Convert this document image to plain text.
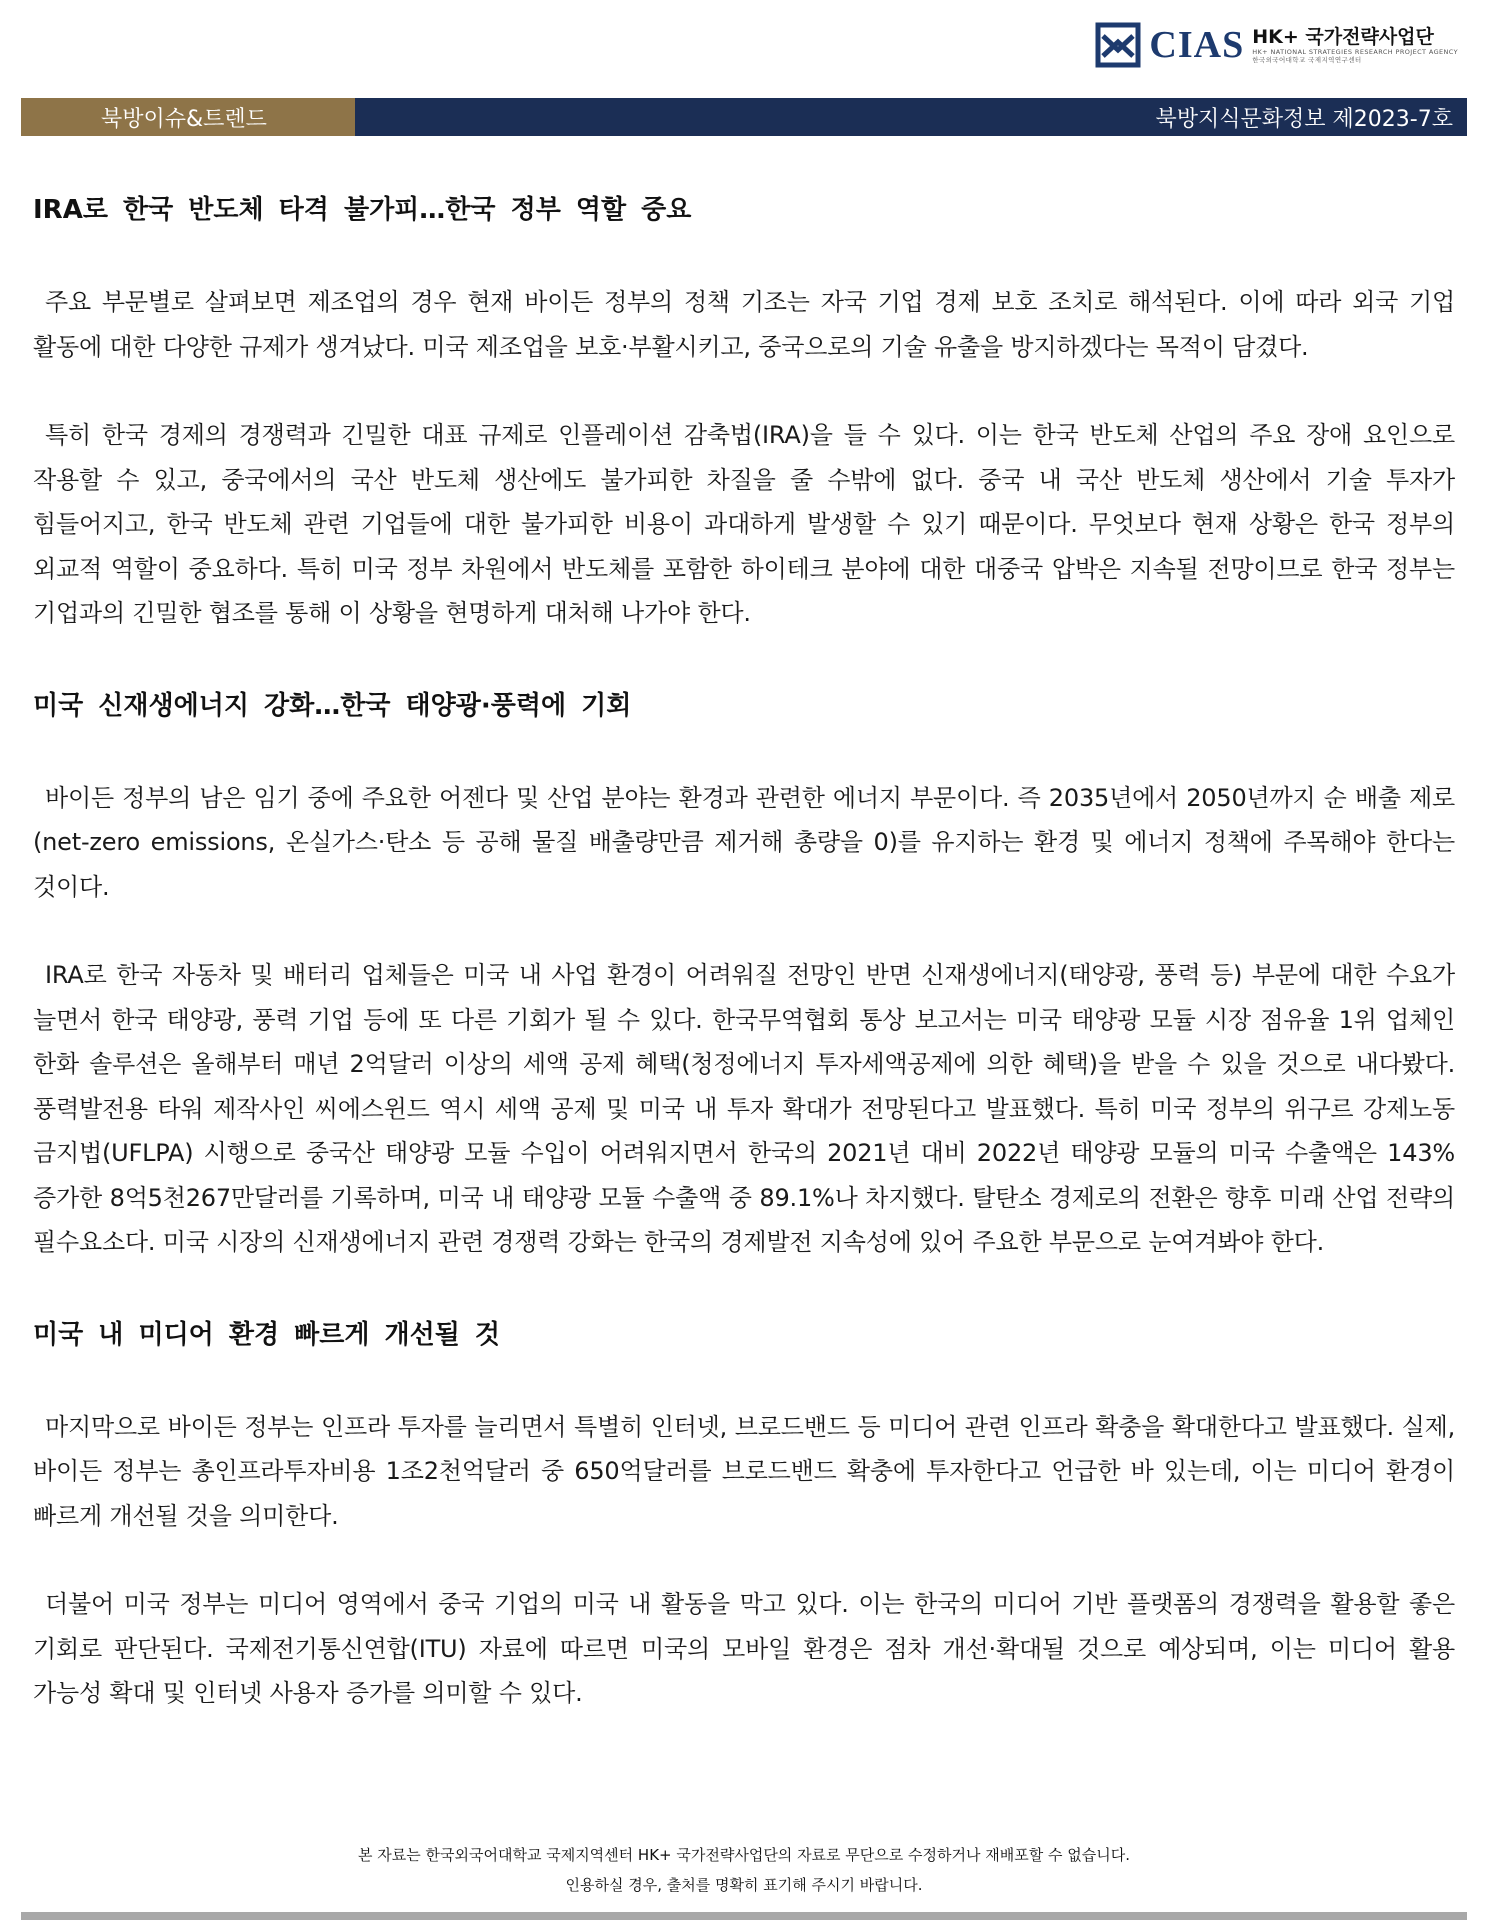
CIAS HK+ 국가전략사업단
HK+ NATIONAL STRATEGIES RESEARCH PROJECT AGENCY
한국외국어대학교 국제지역연구센터
북방이슈&트렌드	북방지식문화정보 제2023-7호
IRA로 한국 반도체 타격 불가피…한국 정부 역할 중요

주요 부문별로 살펴보면 제조업의 경우 현재 바이든 정부의 정책 기조는 자국 기업 경제 보호 조치로 해석된다. 이에 따라 외국 기업 활동에 대한 다양한 규제가 생겨났다. 미국 제조업을 보호·부활시키고, 중국으로의 기술 유출을 방지하겠다는 목적이 담겼다.

특히 한국 경제의 경쟁력과 긴밀한 대표 규제로 인플레이션 감축법(IRA)을 들 수 있다. 이는 한국 반도체 산업의 주요 장애 요인으로 작용할 수 있고, 중국에서의 국산 반도체 생산에도 불가피한 차질을 줄 수밖에 없다. 중국 내 국산 반도체 생산에서 기술 투자가 힘들어지고, 한국 반도체 관련 기업들에 대한 불가피한 비용이 과대하게 발생할 수 있기 때문이다. 무엇보다 현재 상황은 한국 정부의 외교적 역할이 중요하다. 특히 미국 정부 차원에서 반도체를 포함한 하이테크 분야에 대한 대중국 압박은 지속될 전망이므로 한국 정부는 기업과의 긴밀한 협조를 통해 이 상황을 현명하게 대처해 나가야 한다.

미국 신재생에너지 강화…한국 태양광·풍력에 기회

바이든 정부의 남은 임기 중에 주요한 어젠다 및 산업 분야는 환경과 관련한 에너지 부문이다. 즉 2035년에서 2050년까지 순 배출 제로(net-zero emissions, 온실가스·탄소 등 공해 물질 배출량만큼 제거해 총량을 0)를 유지하는 환경 및 에너지 정책에 주목해야 한다는 것이다.

IRA로 한국 자동차 및 배터리 업체들은 미국 내 사업 환경이 어려워질 전망인 반면 신재생에너지(태양광, 풍력 등) 부문에 대한 수요가 늘면서 한국 태양광, 풍력 기업 등에 또 다른 기회가 될 수 있다. 한국무역협회 통상 보고서는 미국 태양광 모듈 시장 점유율 1위 업체인 한화 솔루션은 올해부터 매년 2억달러 이상의 세액 공제 혜택(청정에너지 투자세액공제에 의한 혜택)을 받을 수 있을 것으로 내다봤다. 풍력발전용 타워 제작사인 씨에스윈드 역시 세액 공제 및 미국 내 투자 확대가 전망된다고 발표했다. 특히 미국 정부의 위구르 강제노동 금지법(UFLPA) 시행으로 중국산 태양광 모듈 수입이 어려워지면서 한국의 2021년 대비 2022년 태양광 모듈의 미국 수출액은 143% 증가한 8억5천267만달러를 기록하며, 미국 내 태양광 모듈 수출액 중 89.1%나 차지했다. 탈탄소 경제로의 전환은 향후 미래 산업 전략의 필수요소다. 미국 시장의 신재생에너지 관련 경쟁력 강화는 한국의 경제발전 지속성에 있어 주요한 부문으로 눈여겨봐야 한다.

미국 내 미디어 환경 빠르게 개선될 것

마지막으로 바이든 정부는 인프라 투자를 늘리면서 특별히 인터넷, 브로드밴드 등 미디어 관련 인프라 확충을 확대한다고 발표했다. 실제, 바이든 정부는 총인프라투자비용 1조2천억달러 중 650억달러를 브로드밴드 확충에 투자한다고 언급한 바 있는데, 이는 미디어 환경이 빠르게 개선될 것을 의미한다.

더불어 미국 정부는 미디어 영역에서 중국 기업의 미국 내 활동을 막고 있다. 이는 한국의 미디어 기반 플랫폼의 경쟁력을 활용할 좋은 기회로 판단된다. 국제전기통신연합(ITU) 자료에 따르면 미국의 모바일 환경은 점차 개선·확대될 것으로 예상되며, 이는 미디어 활용 가능성 확대 및 인터넷 사용자 증가를 의미할 수 있다.

본 자료는 한국외국어대학교 국제지역센터 HK+ 국가전략사업단의 자료로 무단으로 수정하거나 재배포할 수 없습니다.
인용하실 경우, 출처를 명확히 표기해 주시기 바랍니다.
